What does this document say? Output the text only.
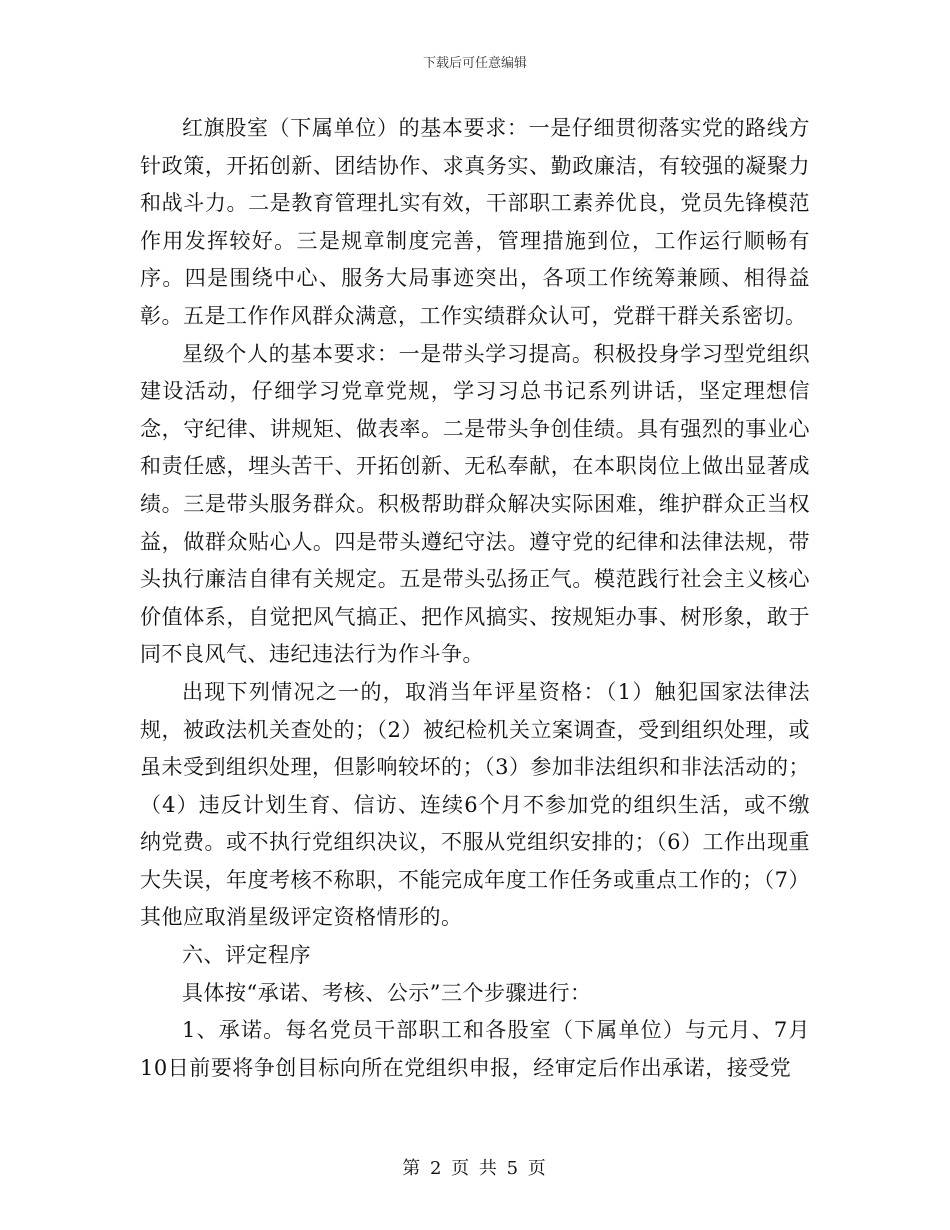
下载后可任意编辑

红旗股室（下属单位）的基本要求：一是仔细贯彻落实党的路线方针政策，开拓创新、团结协作、求真务实、勤政廉洁，有较强的凝聚力和战斗力。二是教育管理扎实有效，干部职工素养优良，党员先锋模范作用发挥较好。三是规章制度完善，管理措施到位，工作运行顺畅有序。四是围绕中心、服务大局事迹突出，各项工作统筹兼顾、相得益彰。五是工作作风群众满意，工作实绩群众认可，党群干群关系密切。

星级个人的基本要求：一是带头学习提高。积极投身学习型党组织建设活动，仔细学习党章党规，学习习总书记系列讲话，坚定理想信念，守纪律、讲规矩、做表率。二是带头争创佳绩。具有强烈的事业心和责任感，埋头苦干、开拓创新、无私奉献，在本职岗位上做出显著成绩。三是带头服务群众。积极帮助群众解决实际困难，维护群众正当权益，做群众贴心人。四是带头遵纪守法。遵守党的纪律和法律法规，带头执行廉洁自律有关规定。五是带头弘扬正气。模范践行社会主义核心价值体系，自觉把风气搞正、把作风搞实、按规矩办事、树形象，敢于同不良风气、违纪违法行为作斗争。

出现下列情况之一的，取消当年评星资格：（1）触犯国家法律法规，被政法机关查处的；（2）被纪检机关立案调查，受到组织处理，或虽未受到组织处理，但影响较坏的；（3）参加非法组织和非法活动的；（4）违反计划生育、信访、连续6个月不参加党的组织生活，或不缴纳党费。或不执行党组织决议，不服从党组织安排的；（6）工作出现重大失误，年度考核不称职，不能完成年度工作任务或重点工作的；（7）其他应取消星级评定资格情形的。

六、评定程序

具体按“承诺、考核、公示”三个步骤进行：

1、承诺。每名党员干部职工和各股室（下属单位）与元月、7月10日前要将争创目标向所在党组织申报，经审定后作出承诺，接受党

第 2 页 共 5 页
